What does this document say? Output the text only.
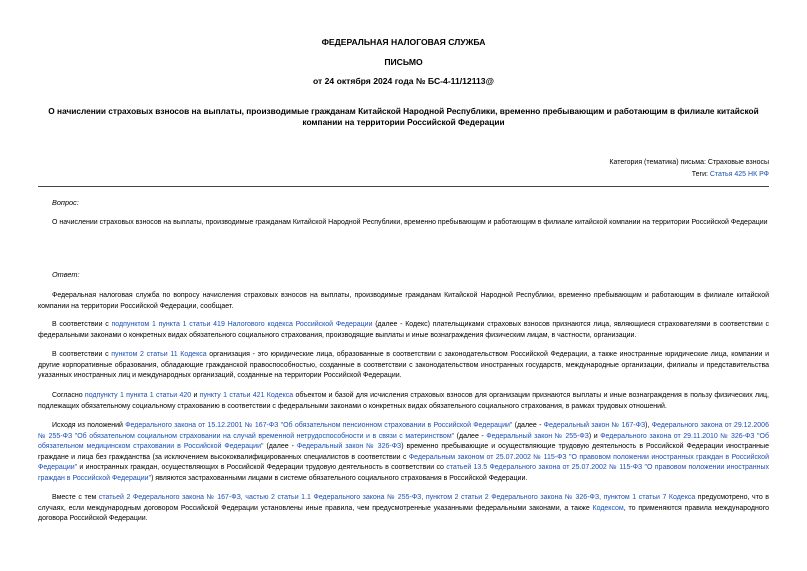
ФЕДЕРАЛЬНАЯ НАЛОГОВАЯ СЛУЖБА
ПИСЬМО
от 24 октября 2024 года № БС-4-11/12113@
О начислении страховых взносов на выплаты, производимые гражданам Китайской Народной Республики, временно пребывающим и работающим в филиале китайской компании на территории Российской Федерации
Категория (тематика) письма: Страховые взносы
Теги: Статья 425 НК РФ
Вопрос:

О начислении страховых взносов на выплаты, производимые гражданам Китайской Народной Республики, временно пребывающим и работающим в филиале китайской компании на территории Российской Федерации

Ответ:

Федеральная налоговая служба по вопросу начисления страховых взносов на выплаты, производимые гражданам Китайской Народной Республики, временно пребывающим и работающим в филиале китайской компании на территории Российской Федерации, сообщает.

В соответствии с подпунктом 1 пункта 1 статьи 419 Налогового кодекса Российской Федерации (далее - Кодекс) плательщиками страховых взносов признаются лица, являющиеся страхователями в соответствии с федеральными законами о конкретных видах обязательного социального страхования, производящие выплаты и иные вознаграждения физическим лицам, в частности, организации.

В соответствии с пунктом 2 статьи 11 Кодекса организация - это юридические лица, образованные в соответствии с законодательством Российской Федерации, а также иностранные юридические лица, компании и другие корпоративные образования, обладающие гражданской правоспособностью, созданные в соответствии с законодательством иностранных государств, международные организации, филиалы и представительства указанных иностранных лиц и международных организаций, созданные на территории Российской Федерации.

Согласно подпункту 1 пункта 1 статьи 420 и пункту 1 статьи 421 Кодекса объектом и базой для исчисления страховых взносов для организации признаются выплаты и иные вознаграждения в пользу физических лиц, подлежащих обязательному социальному страхованию в соответствии с федеральными законами о конкретных видах обязательного социального страхования, в рамках трудовых отношений.

Исходя из положений Федерального закона от 15.12.2001 № 167-ФЗ "Об обязательном пенсионном страховании в Российской Федерации" (далее - Федеральный закон № 167-ФЗ), Федерального закона от 29.12.2006 № 255-ФЗ "Об обязательном социальном страховании на случай временной нетрудоспособности и в связи с материнством" (далее - Федеральный закон № 255-ФЗ) и Федерального закона от 29.11.2010 № 326-ФЗ "Об обязательном медицинском страховании в Российской Федерации" (далее - Федеральный закон № 326-ФЗ) временно пребывающие и осуществляющие трудовую деятельность в Российской Федерации иностранные граждане и лица без гражданства (за исключением высококвалифицированных специалистов в соответствии с Федеральным законом от 25.07.2002 № 115-ФЗ "О правовом положении иностранных граждан в Российской Федерации" и иностранных граждан, осуществляющих в Российской Федерации трудовую деятельность в соответствии со статьей 13.5 Федерального закона от 25.07.2002 № 115-ФЗ "О правовом положении иностранных граждан в Российской Федерации") являются застрахованными лицами в системе обязательного социального страхования в Российской Федерации.

Вместе с тем статьей 2 Федерального закона № 167-ФЗ, частью 2 статьи 1.1 Федерального закона № 255-ФЗ, пунктом 2 статьи 2 Федерального закона № 326-ФЗ, пунктом 1 статьи 7 Кодекса предусмотрено, что в случаях, если международным договором Российской Федерации установлены иные правила, чем предусмотренные указанными федеральными законами, а также Кодексом, то применяются правила международного договора Российской Федерации.
